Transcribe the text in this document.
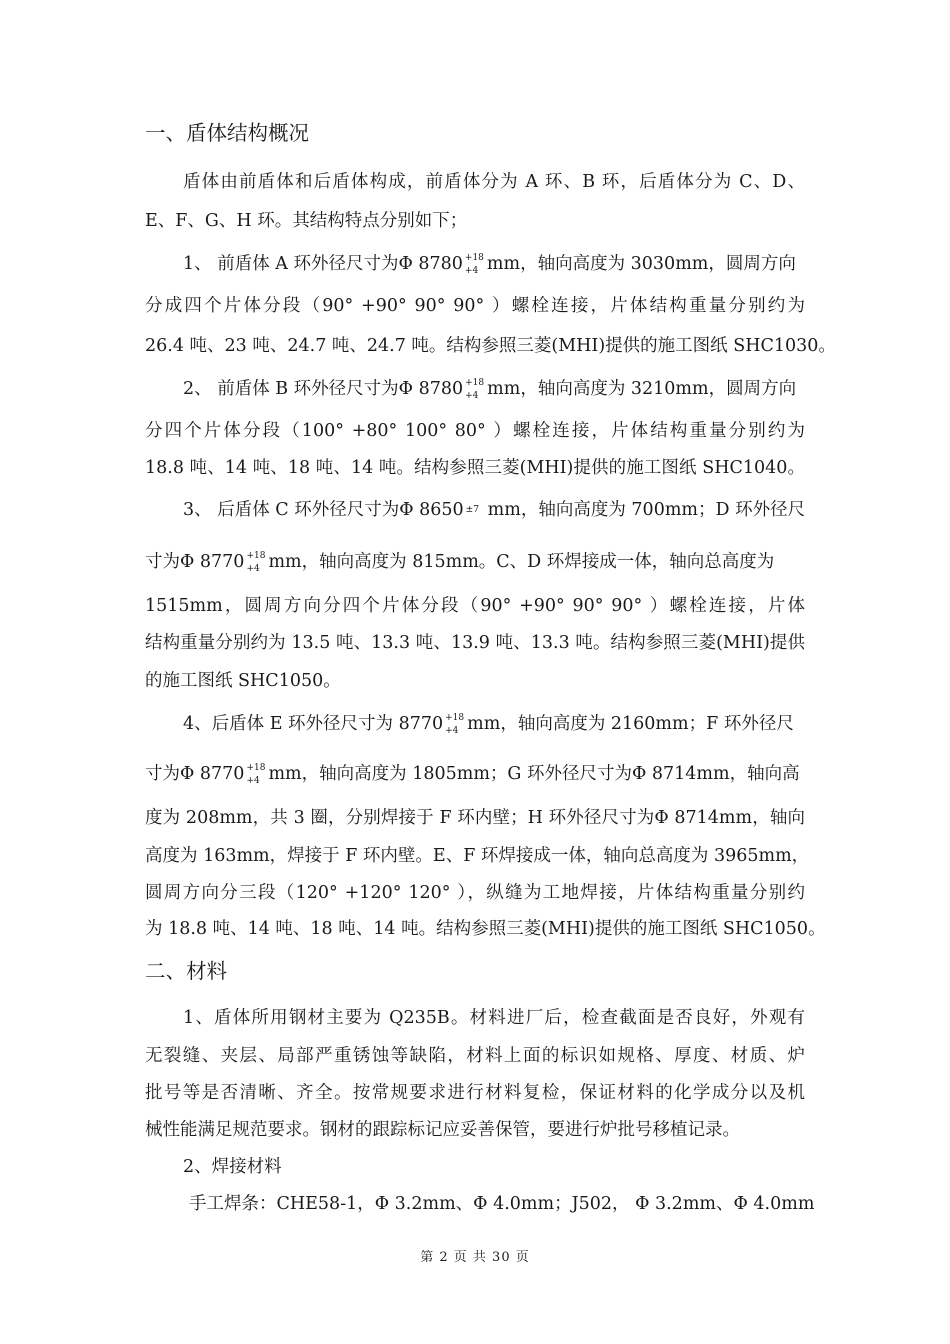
一、盾体结构概况
盾体由前盾体和后盾体构成，前盾体分为 A 环、B 环，后盾体分为 C、D、
E、F、G、H 环。其结构特点分别如下；
1、 前盾体 A 环外径尺寸为Φ 8780 +18
+4 mm，轴向高度为 3030mm，圆周方向
分成四个片体分段（90° +90° 90° 90° ）螺栓连接，片体结构重量分别约为
26.4 吨、23 吨、24.7 吨、24.7 吨。结构参照三菱(MHI)提供的施工图纸 SHC1030。
2、 前盾体 B 环外径尺寸为Φ 8780 +18
+4 mm，轴向高度为 3210mm，圆周方向
分四个片体分段（100° +80° 100° 80° ）螺栓连接，片体结构重量分别约为
18.8 吨、14 吨、18 吨、14 吨。结构参照三菱(MHI)提供的施工图纸 SHC1040。
3、 后盾体 C 环外径尺寸为Φ 8650 ±7 mm，轴向高度为 700mm；D 环外径尺
寸为Φ 8770 +18
+4 mm，轴向高度为 815mm。C、D 环焊接成一体，轴向总高度为
1515mm，圆周方向分四个片体分段（90° +90° 90° 90° ）螺栓连接，片体
结构重量分别约为 13.5 吨、13.3 吨、13.9 吨、13.3 吨。结构参照三菱(MHI)提供
的施工图纸 SHC1050。
4、后盾体 E 环外径尺寸为 8770 +18
+4 mm，轴向高度为 2160mm；F 环外径尺
寸为Φ 8770 +18
+4 mm，轴向高度为 1805mm；G 环外径尺寸为Φ 8714mm，轴向高
度为 208mm，共 3 圈，分别焊接于 F 环内壁；H 环外径尺寸为Φ 8714mm，轴向
高度为 163mm，焊接于 F 环内壁。E、F 环焊接成一体，轴向总高度为 3965mm，
圆周方向分三段（120° +120° 120° ），纵缝为工地焊接，片体结构重量分别约
为 18.8 吨、14 吨、18 吨、14 吨。结构参照三菱(MHI)提供的施工图纸 SHC1050。
二、材料
1、盾体所用钢材主要为 Q235B。材料进厂后，检查截面是否良好，外观有
无裂缝、夹层、局部严重锈蚀等缺陷，材料上面的标识如规格、厚度、材质、炉
批号等是否清晰、齐全。按常规要求进行材料复检，保证材料的化学成分以及机
械性能满足规范要求。钢材的跟踪标记应妥善保管，要进行炉批号移植记录。
2、焊接材料
手工焊条：CHE58-1，Φ 3.2mm、Φ 4.0mm；J502， Φ 3.2mm、Φ 4.0mm
第 2 页 共 30 页
